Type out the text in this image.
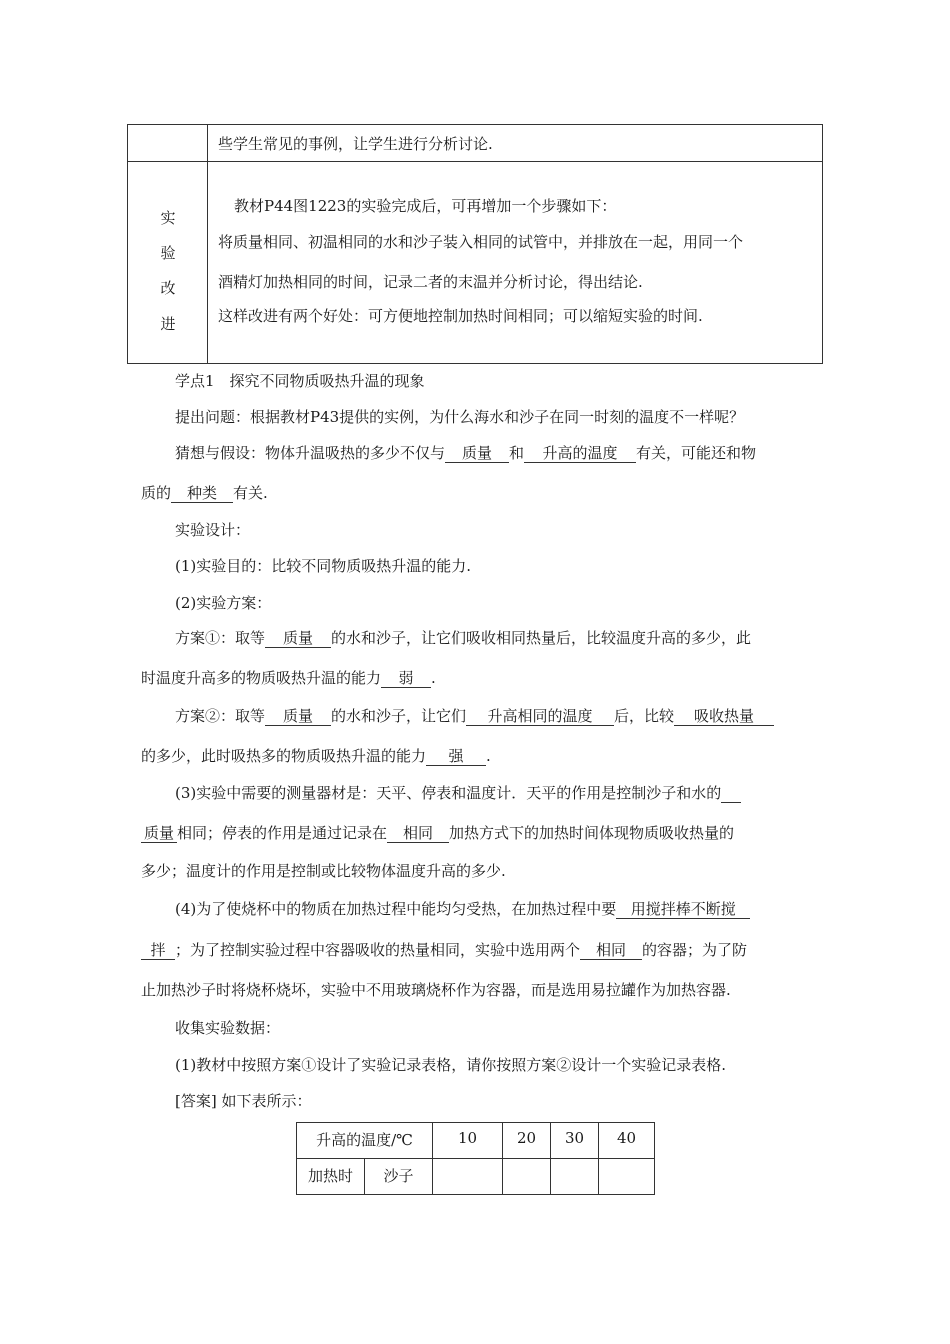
些学生常见的事例，让学生进行分析讨论.
实
验
改
进
教材P44图1223的实验完成后，可再增加一个步骤如下：
将质量相同、初温相同的水和沙子装入相同的试管中，并排放在一起，用同一个
酒精灯加热相同的时间，记录二者的末温并分析讨论，得出结论.
这样改进有两个好处：可方便地控制加热时间相同；可以缩短实验的时间.
学点1　探究不同物质吸热升温的现象
提出问题：根据教材P43提供的实例，为什么海水和沙子在同一时刻的温度不一样呢？
猜想与假设：物体升温吸热的多少不仅与 质量 和 升高的温度 有关，可能还和物
质的 种类 有关.
实验设计：
(1)实验目的：比较不同物质吸热升温的能力.
(2)实验方案：
方案①：取等 质量 的水和沙子，让它们吸收相同热量后，比较温度升高的多少，此
时温度升高多的物质吸热升温的能力 弱 .
方案②：取等 质量 的水和沙子，让它们 升高相同的温度 后，比较 吸收热量
的多少，此时吸热多的物质吸热升温的能力 强 .
(3)实验中需要的测量器材是：天平、停表和温度计．天平的作用是控制沙子和水的
质量 相同；停表的作用是通过记录在 相同 加热方式下的加热时间体现物质吸收热量的
多少；温度计的作用是控制或比较物体温度升高的多少.
(4)为了使烧杯中的物质在加热过程中能均匀受热，在加热过程中要 用搅拌棒不断搅
拌 ；为了控制实验过程中容器吸收的热量相同，实验中选用两个 相同 的容器；为了防
止加热沙子时将烧杯烧坏，实验中不用玻璃烧杯作为容器，而是选用易拉罐作为加热容器.
收集实验数据：
(1)教材中按照方案①设计了实验记录表格，请你按照方案②设计一个实验记录表格.
[答案] 如下表所示：
升高的温度/℃		10	20	30	40
加热时	沙子				
